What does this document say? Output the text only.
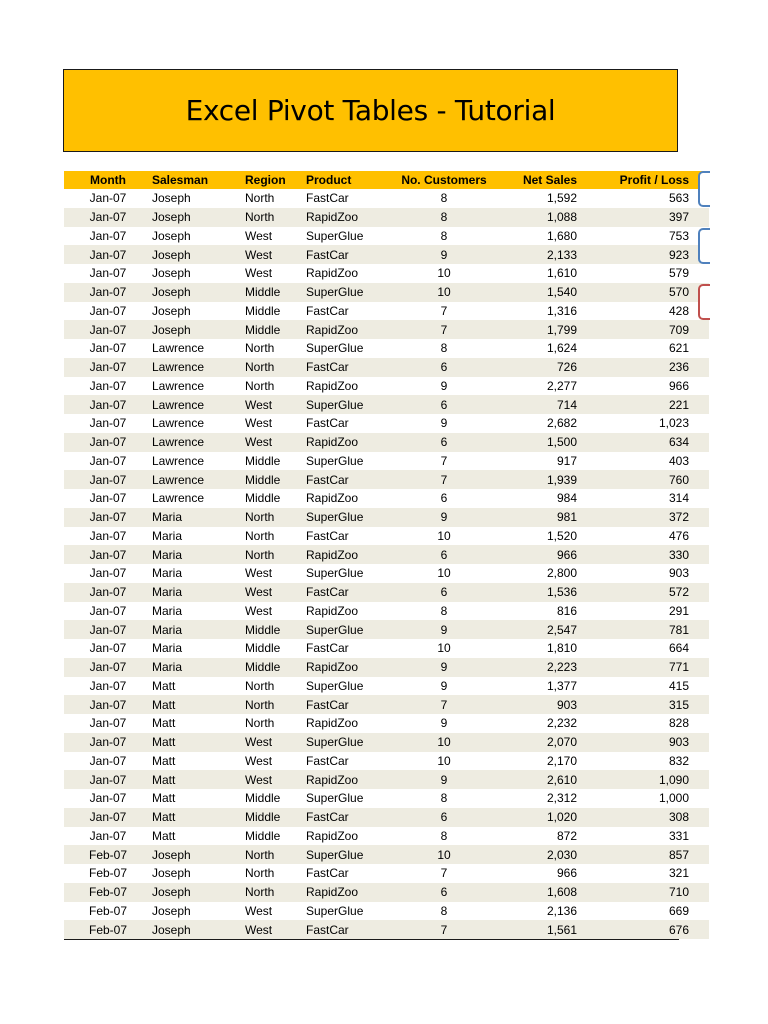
Excel Pivot Tables - Tutorial
Month	Salesman	Region	Product	No. Customers	Net Sales	Profit / Loss
Jan-07	Joseph	North	FastCar	8	1,592	563
Jan-07	Joseph	North	RapidZoo	8	1,088	397
Jan-07	Joseph	West	SuperGlue	8	1,680	753
Jan-07	Joseph	West	FastCar	9	2,133	923
Jan-07	Joseph	West	RapidZoo	10	1,610	579
Jan-07	Joseph	Middle	SuperGlue	10	1,540	570
Jan-07	Joseph	Middle	FastCar	7	1,316	428
Jan-07	Joseph	Middle	RapidZoo	7	1,799	709
Jan-07	Lawrence	North	SuperGlue	8	1,624	621
Jan-07	Lawrence	North	FastCar	6	726	236
Jan-07	Lawrence	North	RapidZoo	9	2,277	966
Jan-07	Lawrence	West	SuperGlue	6	714	221
Jan-07	Lawrence	West	FastCar	9	2,682	1,023
Jan-07	Lawrence	West	RapidZoo	6	1,500	634
Jan-07	Lawrence	Middle	SuperGlue	7	917	403
Jan-07	Lawrence	Middle	FastCar	7	1,939	760
Jan-07	Lawrence	Middle	RapidZoo	6	984	314
Jan-07	Maria	North	SuperGlue	9	981	372
Jan-07	Maria	North	FastCar	10	1,520	476
Jan-07	Maria	North	RapidZoo	6	966	330
Jan-07	Maria	West	SuperGlue	10	2,800	903
Jan-07	Maria	West	FastCar	6	1,536	572
Jan-07	Maria	West	RapidZoo	8	816	291
Jan-07	Maria	Middle	SuperGlue	9	2,547	781
Jan-07	Maria	Middle	FastCar	10	1,810	664
Jan-07	Maria	Middle	RapidZoo	9	2,223	771
Jan-07	Matt	North	SuperGlue	9	1,377	415
Jan-07	Matt	North	FastCar	7	903	315
Jan-07	Matt	North	RapidZoo	9	2,232	828
Jan-07	Matt	West	SuperGlue	10	2,070	903
Jan-07	Matt	West	FastCar	10	2,170	832
Jan-07	Matt	West	RapidZoo	9	2,610	1,090
Jan-07	Matt	Middle	SuperGlue	8	2,312	1,000
Jan-07	Matt	Middle	FastCar	6	1,020	308
Jan-07	Matt	Middle	RapidZoo	8	872	331
Feb-07	Joseph	North	SuperGlue	10	2,030	857
Feb-07	Joseph	North	FastCar	7	966	321
Feb-07	Joseph	North	RapidZoo	6	1,608	710
Feb-07	Joseph	West	SuperGlue	8	2,136	669
Feb-07	Joseph	West	FastCar	7	1,561	676
